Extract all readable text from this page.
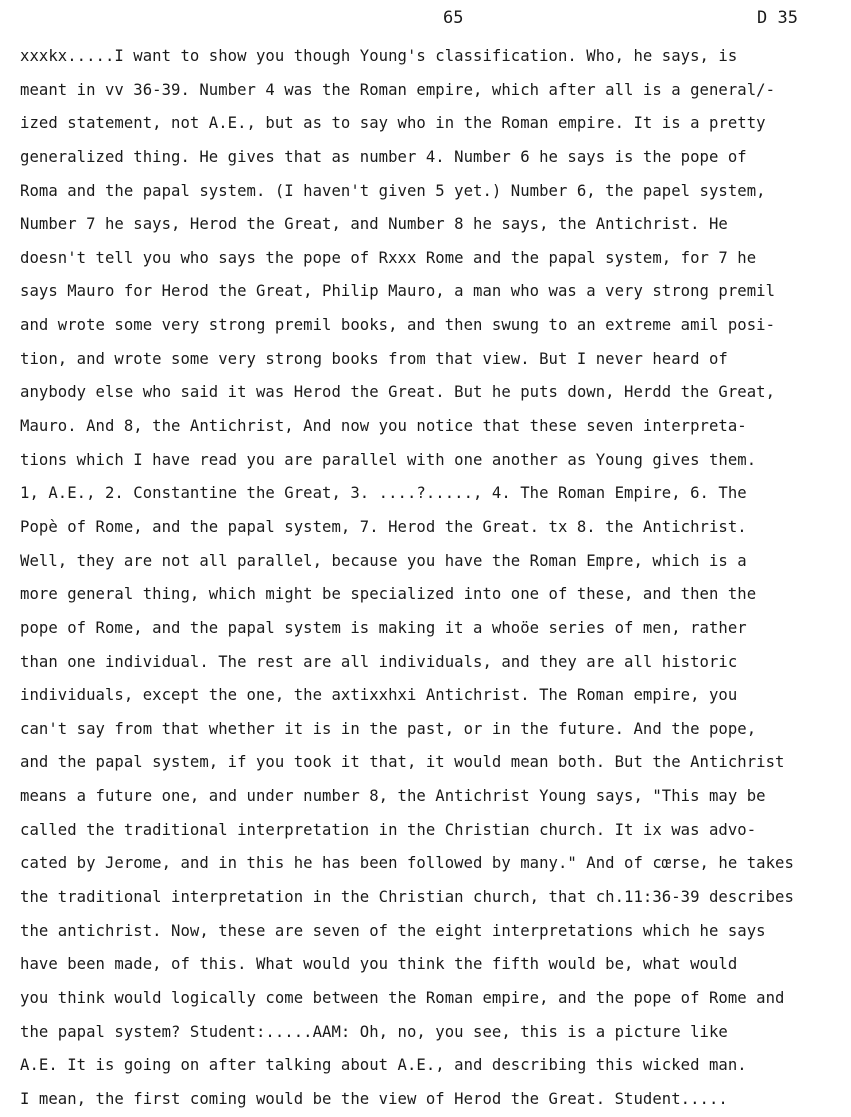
65	D 35
xxxkx.....I want to show you though Young's classification. Who, he says, is
meant in vv 36-39. Number 4 was the Roman empire, which after all is a general/-
ized statement, not A.E., but as to say who in the Roman empire. It is a pretty
generalized thing. He gives that as number 4. Number 6 he says is the pope of
Roma and the papal system. (I haven't given 5 yet.) Number 6, the papel system,
Number 7 he says, Herod the Great, and Number 8 he says, the Antichrist. He
doesn't tell you who says the pope of Rxxx Rome and the papal system, for 7 he
says Mauro for Herod the Great, Philip Mauro, a man who was a very strong premil
and wrote some very strong premil books, and then swung to an extreme amil posi-
tion, and wrote some very strong books from that view. But I never heard of
anybody else who said it was Herod the Great. But he puts down, Herdd the Great,
Mauro. And 8, the Antichrist, And now you notice that these seven interpreta-
tions which I have read you are parallel with one another as Young gives them.
1, A.E., 2. Constantine the Great, 3. ....?....., 4. The Roman Empire, 6. The
Popè of Rome, and the papal system, 7. Herod the Great. tx 8. the Antichrist.
Well, they are not all parallel, because you have the Roman Empre, which is a
more general thing, which might be specialized into one of these, and then the
pope of Rome, and the papal system is making it a whoöe series of men, rather
than one individual. The rest are all individuals, and they are all historic
individuals, except the one, the axtixxhxi Antichrist. The Roman empire, you
can't say from that whether it is in the past, or in the future. And the pope,
and the papal system, if you took it that, it would mean both. But the Antichrist
means a future one, and under number 8, the Antichrist Young says, "This may be
called the traditional interpretation in the Christian church. It ix was advo-
cated by Jerome, and in this he has been followed by many." And of cœrse, he takes
the traditional interpretation in the Christian church, that ch.11:36-39 describes
the antichrist. Now, these are seven of the eight interpretations which he says
have been made, of this. What would you think the fifth would be, what would
you think would logically come between the Roman empire, and the pope of Rome and
the papal system? Student:.....AAM: Oh, no, you see, this is a picture like
A.E. It is going on after talking about A.E., and describing this wicked man.
I mean, the first coming would be the view of Herod the Great. Student.....
